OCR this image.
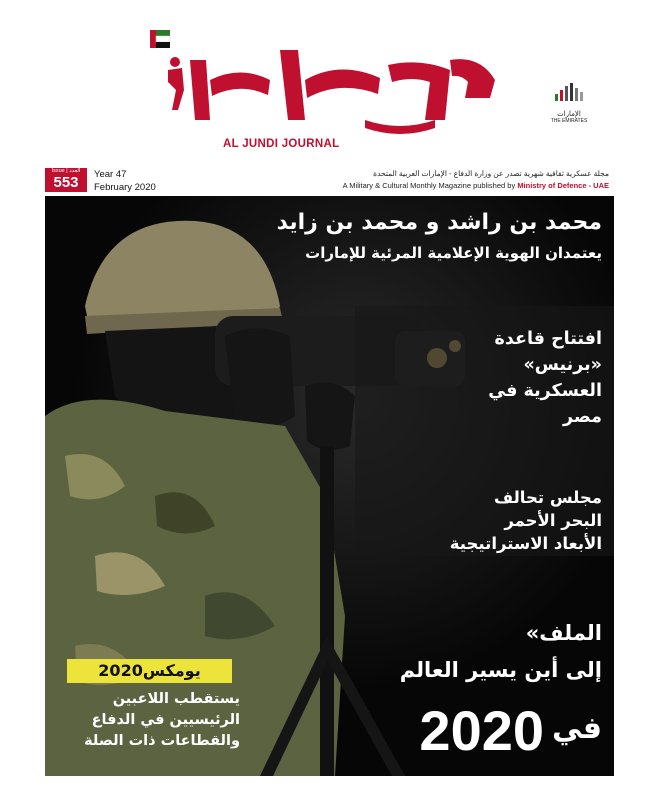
AL JUNDI JOURNAL
الإمارات
THE EMIRATES
Issue | العدد
553	Year 47
February 2020
مجلة عسكرية ثقافية شهرية تصدر عن وزارة الدفاع - الإمارات العربية المتحدة
A Military & Cultural Monthly Magazine published by Ministry of Defence - UAE
محمد بن راشد و محمد بن زايد
يعتمدان الهوية الإعلامية المرئية للإمارات
افتتاح قاعدة «برنيس» العسكرية في مصر
مجلس تحالف
البحر الأحمر
الأبعاد الاستراتيجية
الملف»
إلى أين يسير العالم
في
2020
يومكس2020
يستقطب اللاعبين الرئيسيين في الدفاع والقطاعات ذات الصلة
